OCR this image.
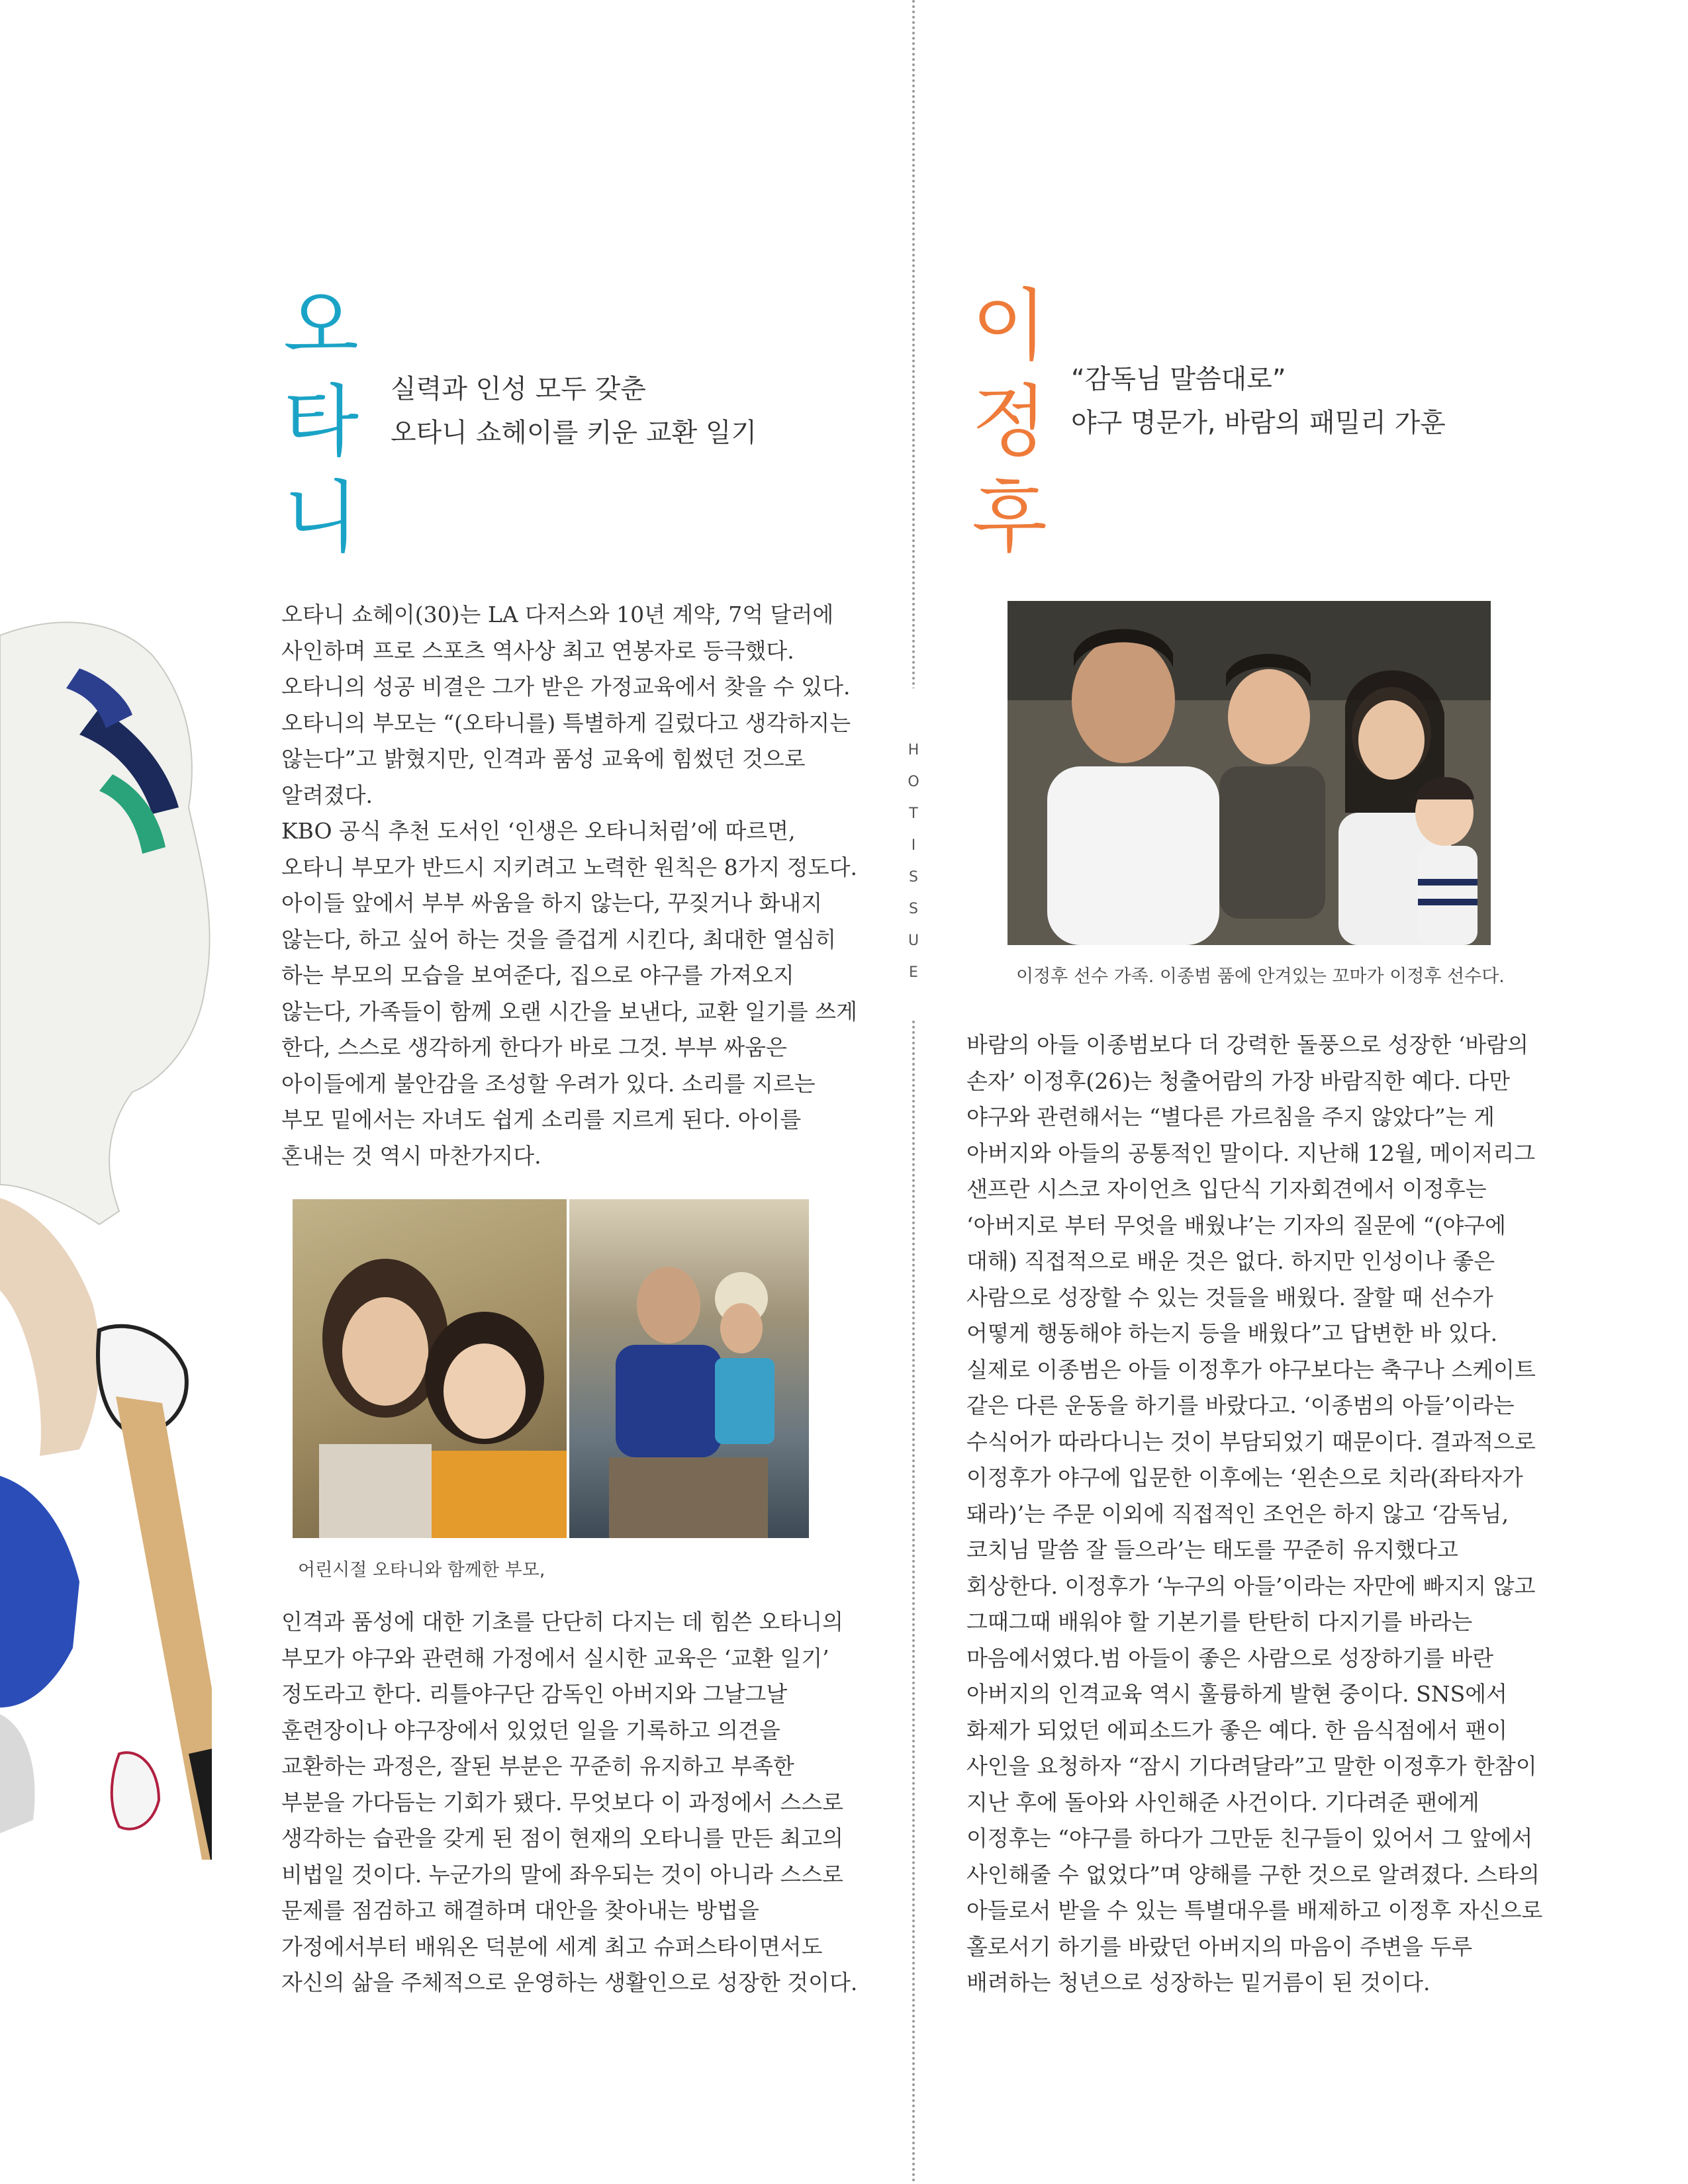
H
O
T
I
S
S
U
E
오
타
니
실력과 인성 모두 갖춘
오타니 쇼헤이를 키운 교환 일기

오타니 쇼헤이(30)는 LA 다저스와 10년 계약, 7억 달러에

사인하며 프로 스포츠 역사상 최고 연봉자로 등극했다.

오타니의 성공 비결은 그가 받은 가정교육에서 찾을 수 있다.

오타니의 부모는 “(오타니를) 특별하게 길렀다고 생각하지는

않는다”고 밝혔지만, 인격과 품성 교육에 힘썼던 것으로

알려졌다.

KBO 공식 추천 도서인 ‘인생은 오타니처럼’에 따르면,

오타니 부모가 반드시 지키려고 노력한 원칙은 8가지 정도다.

아이들 앞에서 부부 싸움을 하지 않는다, 꾸짖거나 화내지

않는다, 하고 싶어 하는 것을 즐겁게 시킨다, 최대한 열심히

하는 부모의 모습을 보여준다, 집으로 야구를 가져오지

않는다, 가족들이 함께 오랜 시간을 보낸다, 교환 일기를 쓰게

한다, 스스로 생각하게 한다가 바로 그것. 부부 싸움은

아이들에게 불안감을 조성할 우려가 있다. 소리를 지르는

부모 밑에서는 자녀도 쉽게 소리를 지르게 된다. 아이를

혼내는 것 역시 마찬가지다.

어린시절 오타니와 함께한 부모,

인격과 품성에 대한 기초를 단단히 다지는 데 힘쓴 오타니의

부모가 야구와 관련해 가정에서 실시한 교육은 ‘교환 일기’

정도라고 한다. 리틀야구단 감독인 아버지와 그날그날

훈련장이나 야구장에서 있었던 일을 기록하고 의견을

교환하는 과정은, 잘된 부분은 꾸준히 유지하고 부족한

부분을 가다듬는 기회가 됐다. 무엇보다 이 과정에서 스스로

생각하는 습관을 갖게 된 점이 현재의 오타니를 만든 최고의

비법일 것이다. 누군가의 말에 좌우되는 것이 아니라 스스로

문제를 점검하고 해결하며 대안을 찾아내는 방법을

가정에서부터 배워온 덕분에 세계 최고 슈퍼스타이면서도

자신의 삶을 주체적으로 운영하는 생활인으로 성장한 것이다.

이
정
후
“감독님 말씀대로”
야구 명문가, 바람의 패밀리 가훈
이정후 선수 가족. 이종범 품에 안겨있는 꼬마가 이정후 선수다.

바람의 아들 이종범보다 더 강력한 돌풍으로 성장한 ‘바람의

손자’ 이정후(26)는 청출어람의 가장 바람직한 예다. 다만

야구와 관련해서는 “별다른 가르침을 주지 않았다”는 게

아버지와 아들의 공통적인 말이다. 지난해 12월, 메이저리그

샌프란 시스코 자이언츠 입단식 기자회견에서 이정후는

‘아버지로 부터 무엇을 배웠냐’는 기자의 질문에 “(야구에

대해) 직접적으로 배운 것은 없다. 하지만 인성이나 좋은

사람으로 성장할 수 있는 것들을 배웠다. 잘할 때 선수가

어떻게 행동해야 하는지 등을 배웠다”고 답변한 바 있다.

실제로 이종범은 아들 이정후가 야구보다는 축구나 스케이트

같은 다른 운동을 하기를 바랐다고. ‘이종범의 아들’이라는

수식어가 따라다니는 것이 부담되었기 때문이다. 결과적으로

이정후가 야구에 입문한 이후에는 ‘왼손으로 치라(좌타자가

돼라)’는 주문 이외에 직접적인 조언은 하지 않고 ‘감독님,

코치님 말씀 잘 들으라’는 태도를 꾸준히 유지했다고

회상한다. 이정후가 ‘누구의 아들’이라는 자만에 빠지지 않고

그때그때 배워야 할 기본기를 탄탄히 다지기를 바라는

마음에서였다.범 아들이 좋은 사람으로 성장하기를 바란

아버지의 인격교육 역시 훌륭하게 발현 중이다. SNS에서

화제가 되었던 에피소드가 좋은 예다. 한 음식점에서 팬이

사인을 요청하자 “잠시 기다려달라”고 말한 이정후가 한참이

지난 후에 돌아와 사인해준 사건이다. 기다려준 팬에게

이정후는 “야구를 하다가 그만둔 친구들이 있어서 그 앞에서

사인해줄 수 없었다”며 양해를 구한 것으로 알려졌다. 스타의

아들로서 받을 수 있는 특별대우를 배제하고 이정후 자신으로

홀로서기 하기를 바랐던 아버지의 마음이 주변을 두루

배려하는 청년으로 성장하는 밑거름이 된 것이다.
